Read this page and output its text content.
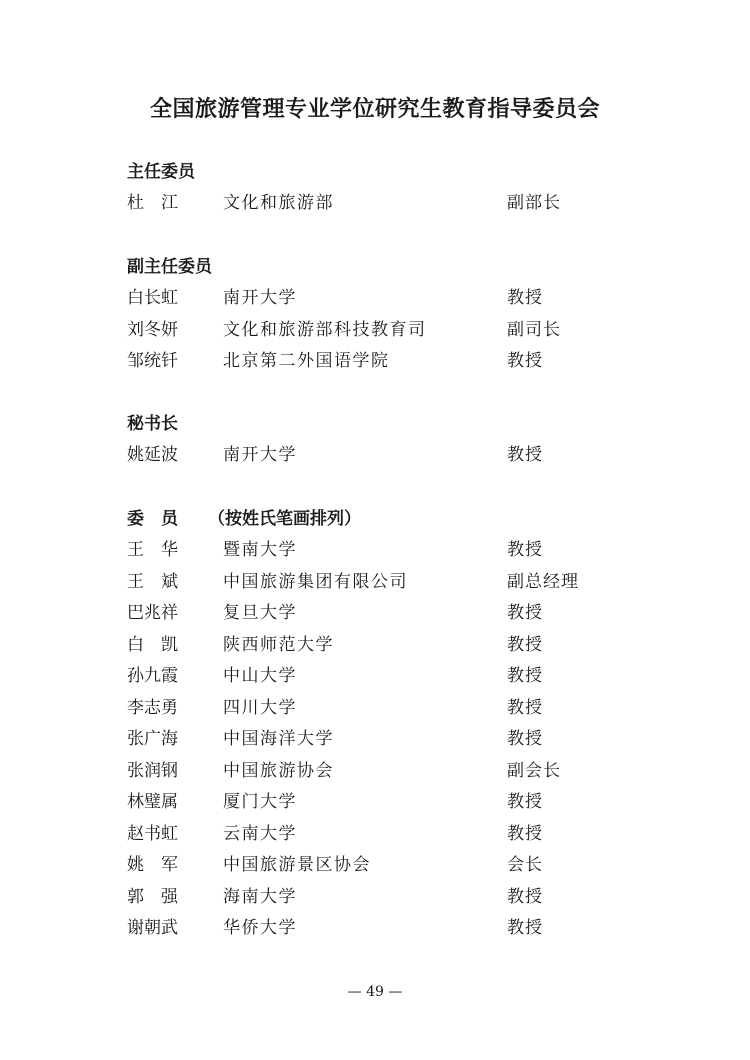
全国旅游管理专业学位研究生教育指导委员会
主任委员
杜　江	文化和旅游部	副部长
副主任委员
白长虹	南开大学	教授
刘冬妍	文化和旅游部科技教育司	副司长
邹统钎	北京第二外国语学院	教授
秘书长
姚延波	南开大学	教授
委　员 （按姓氏笔画排列）
王　华	暨南大学	教授
王　斌	中国旅游集团有限公司	副总经理
巴兆祥	复旦大学	教授
白　凯	陕西师范大学	教授
孙九霞	中山大学	教授
李志勇	四川大学	教授
张广海	中国海洋大学	教授
张润钢	中国旅游协会	副会长
林璧属	厦门大学	教授
赵书虹	云南大学	教授
姚　军	中国旅游景区协会	会长
郭　强	海南大学	教授
谢朝武	华侨大学	教授
— 49 —
